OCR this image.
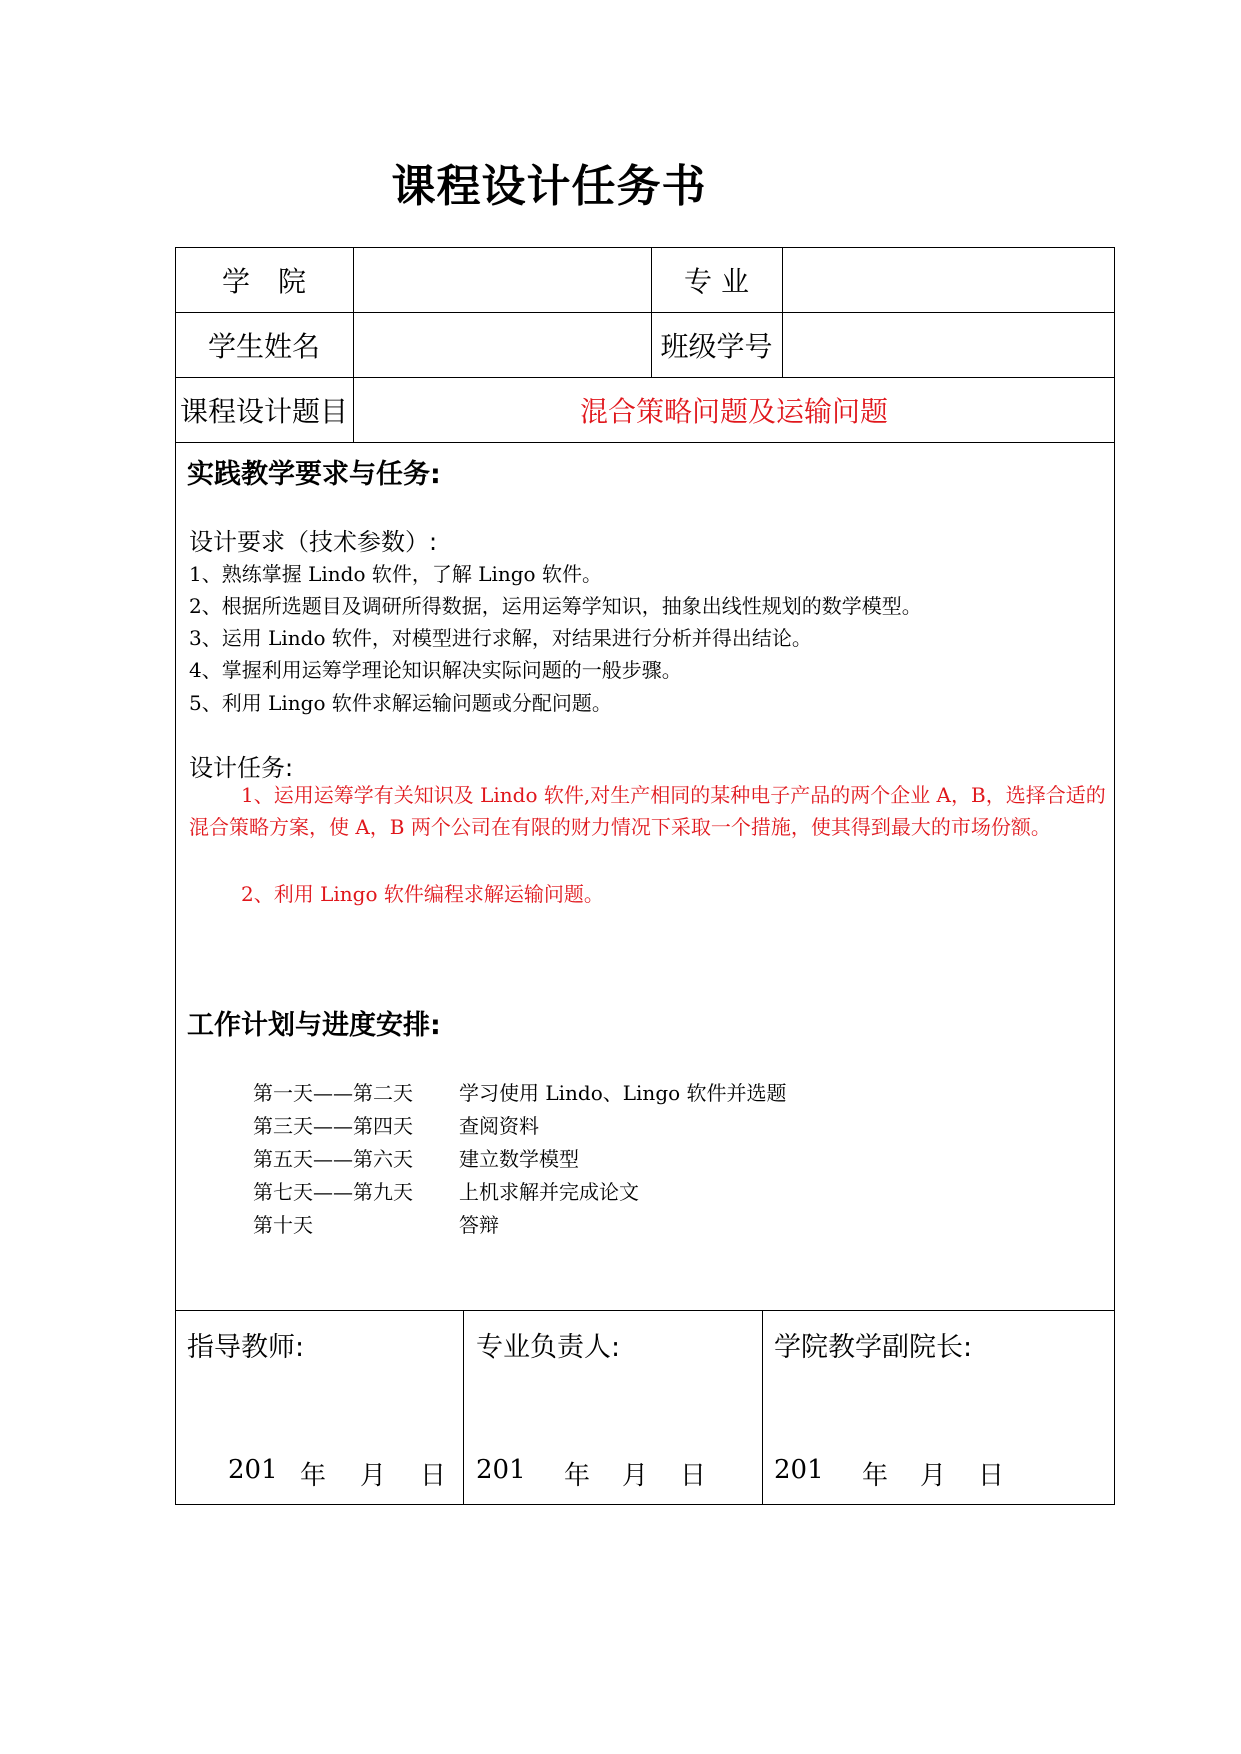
课程设计任务书
学　院	专 业
学生姓名	班级学号
课程设计题目	混合策略问题及运输问题
实践教学要求与任务:
设计要求（技术参数）:
1、熟练掌握 Lindo 软件，了解 Lingo 软件。
2、根据所选题目及调研所得数据，运用运筹学知识，抽象出线性规划的数学模型。
3、运用 Lindo 软件，对模型进行求解，对结果进行分析并得出结论。
4、掌握利用运筹学理论知识解决实际问题的一般步骤。
5、利用 Lingo 软件求解运输问题或分配问题。
设计任务:

1、运用运筹学有关知识及 Lindo 软件,对生产相同的某种电子产品的两个企业 A，B，选择合适的混合策略方案，使 A，B 两个公司在有限的财力情况下采取一个措施，使其得到最大的市场份额。

2、利用 Lingo 软件编程求解运输问题。
工作计划与进度安排:
第一天——第二天 学习使用 Lindo、Lingo 软件并选题
第三天——第四天 查阅资料
第五天——第六天 建立数学模型
第七天——第九天 上机求解并完成论文
第十天	答辩
指导教师:
201 年	月	日
专业负责人:
201	年	月	日
学院教学副院长:
201	年	月	日
